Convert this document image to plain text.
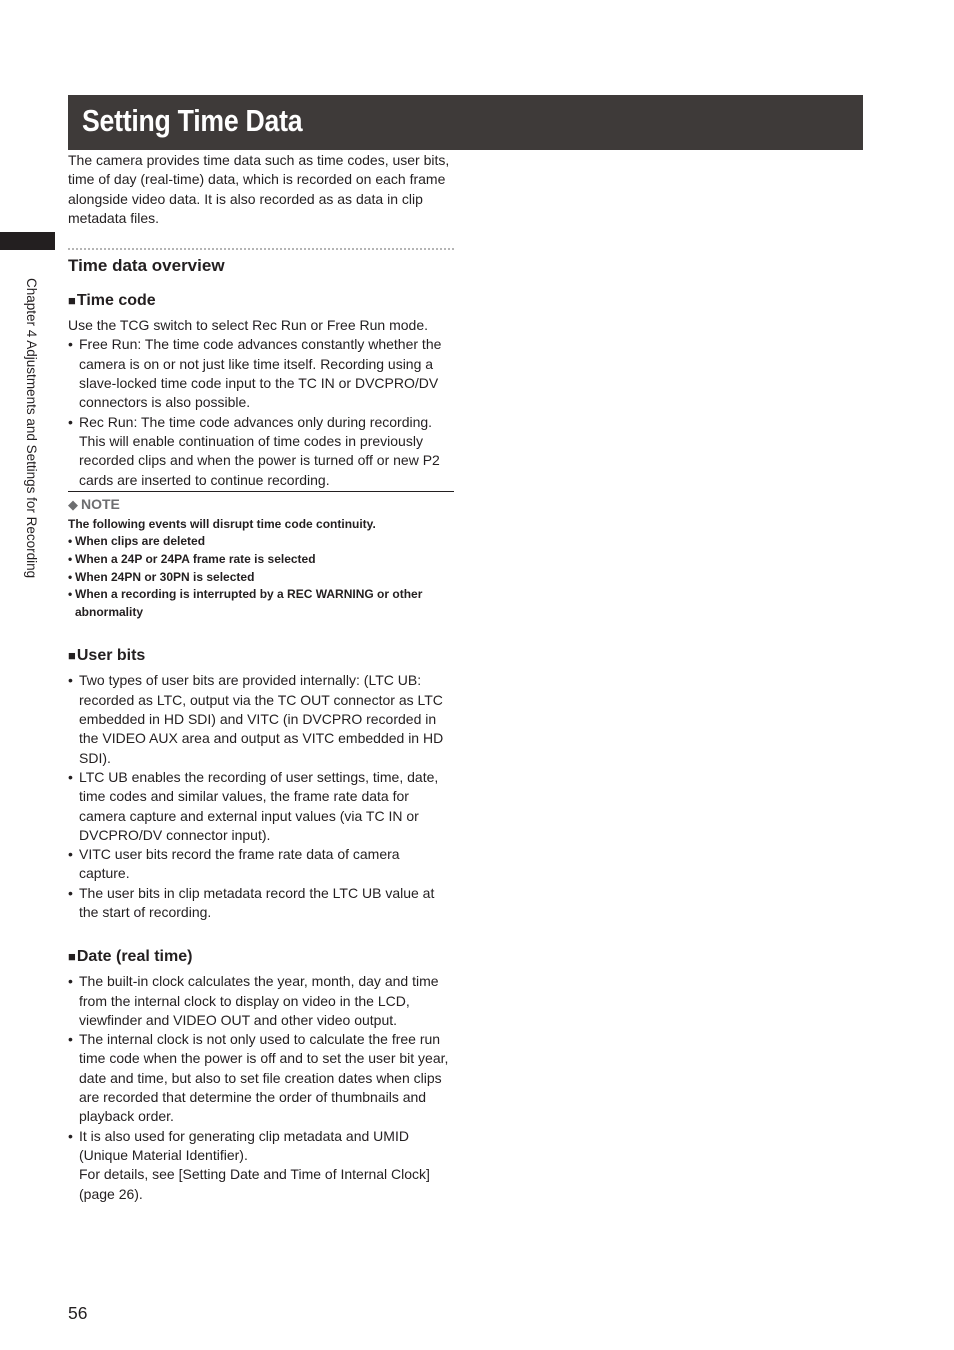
Setting Time Data
Chapter 4 Adjustments and Settings for Recording

The camera provides time data such as time codes, user bits, time of day (real-time) data, which is recorded on each frame alongside video data. It is also recorded as as data in clip metadata files.

Time data overview
■Time code

Use the TCG switch to select Rec Run or Free Run mode.

• Free Run: The time code advances constantly whether the camera is on or not just like time itself. Recording using a slave-locked time code input to the TC IN or DVCPRO/DV connectors is also possible.
• Rec Run: The time code advances only during recording. This will enable continuation of time codes in previously recorded clips and when the power is turned off or new P2 cards are inserted to continue recording.
◆ NOTE

The following events will disrupt time code continuity.

• When clips are deleted
• When a 24P or 24PA frame rate is selected
• When 24PN or 30PN is selected
• When a recording is interrupted by a REC WARNING or other abnormality
■User bits
• Two types of user bits are provided internally: (LTC UB: recorded as LTC, output via the TC OUT connector as LTC embedded in HD SDI) and VITC (in DVCPRO recorded in the VIDEO AUX area and output as VITC embedded in HD SDI).
• LTC UB enables the recording of user settings, time, date, time codes and similar values, the frame rate data for camera capture and external input values (via TC IN or DVCPRO/DV connector input).
• VITC user bits record the frame rate data of camera capture.
• The user bits in clip metadata record the LTC UB value at the start of recording.
■Date (real time)
• The built-in clock calculates the year, month, day and time from the internal clock to display on video in the LCD, viewfinder and VIDEO OUT and other video output.
• The internal clock is not only used to calculate the free run time code when the power is off and to set the user bit year, date and time, but also to set file creation dates when clips are recorded that determine the order of thumbnails and playback order.
• It is also used for generating clip metadata and UMID (Unique Material Identifier).
For details, see [Setting Date and Time of Internal Clock] (page 26).
56
